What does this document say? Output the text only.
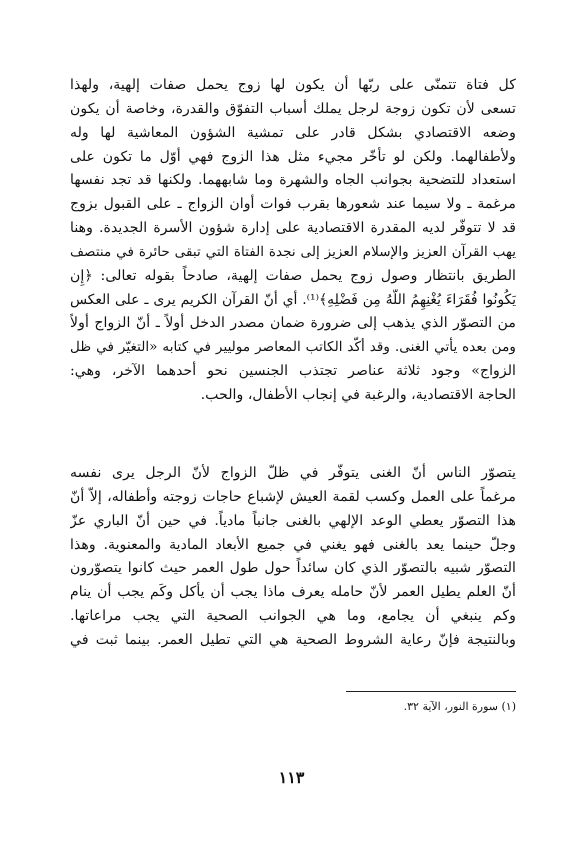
كل فتاة تتمنّى على ربّها أن يكون لها زوج يحمل صفات إلهية، ولهذا
تسعى لأن تكون زوجة لرجل يملك أسباب التفوّق والقدرة، وخاصة أن يكون
وضعه الاقتصادي بشكل قادر على تمشية الشؤون المعاشية لها وله
ولأطفالهما. ولكن لو تأخّر مجيء مثل هذا الزوج فهي أوّل ما تكون على
استعداد للتضحية بجوانب الجاه والشهرة وما شابههما. ولكنها قد تجد نفسها
مرغمة ـ ولا سيما عند شعورها بقرب فوات أوان الزواج ـ على القبول بزوج
قد لا تتوفّر لديه المقدرة الاقتصادية على إدارة شؤون الأسرة الجديدة. وهنا
يهب القرآن العزيز والإسلام العزيز إلى نجدة الفتاة التي تبقى حائرة في منتصف
الطريق بانتظار وصول زوج يحمل صفات إلهية، صادحاً بقوله تعالى: ﴿إِن
يَكُونُوا فُقَرَاءَ يُغْنِهِمُ اللَّهُ مِن فَضْلِهِ﴾⁽¹⁾. أي أنّ القرآن الكريم يرى ـ على العكس
من التصوّر الذي يذهب إلى ضرورة ضمان مصدر الدخل أولاً ـ أنّ الزواج أولاً
ومن بعده يأتي الغنى. وقد أكّد الكاتب المعاصر موليير في كتابه «التغيّر في ظل
الزواج» وجود ثلاثة عناصر تجتذب الجنسين نحو أحدهما الآخر، وهي:
الحاجة الاقتصادية، والرغبة في إنجاب الأطفال، والحب.
يتصوّر الناس أنّ الغنى يتوفّر في ظلّ الزواج لأنّ الرجل يرى نفسه
مرغماً على العمل وكسب لقمة العيش لإشباع حاجات زوجته وأطفاله، إلاّ أنّ
هذا التصوّر يعطي الوعد الإلهي بالغنى جانباً مادياً. في حين أنّ الباري عزّ
وجلّ حينما يعد بالغنى فهو يغني في جميع الأبعاد المادية والمعنوية. وهذا
التصوّر شبيه بالتصوّر الذي كان سائداً حول طول العمر حيث كانوا يتصوّرون
أنّ العلم يطيل العمر لأنّ حامله يعرف ماذا يجب أن يأكل وكَم يجب أن ينام
وكم ينبغي أن يجامع، وما هي الجوانب الصحية التي يجب مراعاتها.
وبالنتيجة فإنّ رعاية الشروط الصحية هي التي تطيل العمر. بينما ثبت في
(١) سورة النور، الآية ٣٢.
١١٣
